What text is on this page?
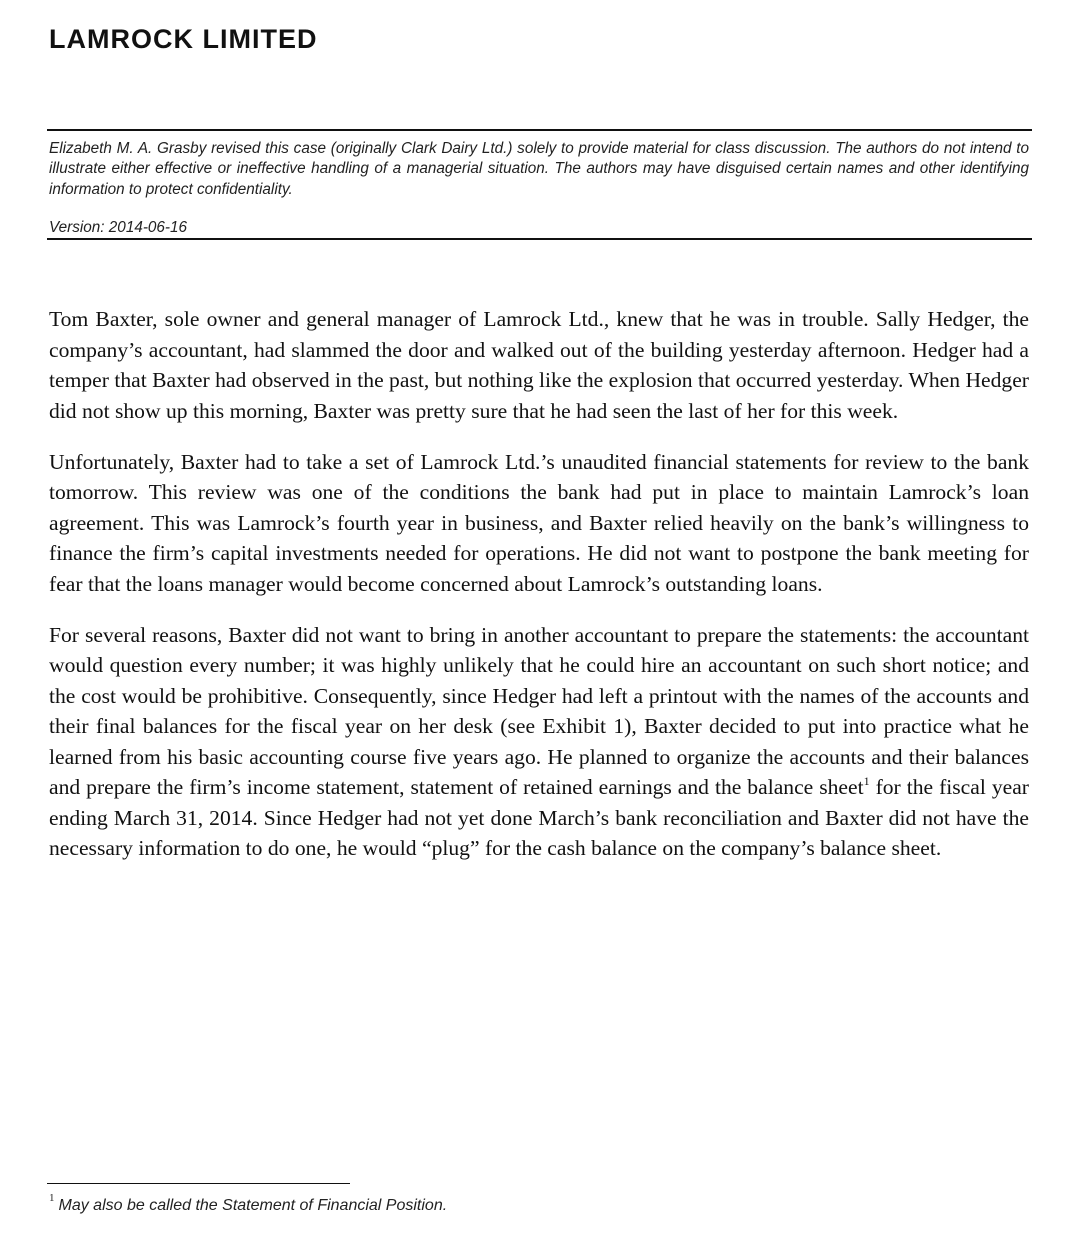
LAMROCK LIMITED

Elizabeth M. A. Grasby revised this case (originally Clark Dairy Ltd.) solely to provide material for class discussion. The authors do not intend to illustrate either effective or ineffective handling of a managerial situation. The authors may have disguised certain names and other identifying information to protect confidentiality.

Version: 2014-06-16

Tom Baxter, sole owner and general manager of Lamrock Ltd., knew that he was in trouble. Sally Hedger, the company’s accountant, had slammed the door and walked out of the building yesterday afternoon. Hedger had a temper that Baxter had observed in the past, but nothing like the explosion that occurred yesterday. When Hedger did not show up this morning, Baxter was pretty sure that he had seen the last of her for this week.

Unfortunately, Baxter had to take a set of Lamrock Ltd.’s unaudited financial statements for review to the bank tomorrow. This review was one of the conditions the bank had put in place to maintain Lamrock’s loan agreement. This was Lamrock’s fourth year in business, and Baxter relied heavily on the bank’s willingness to finance the firm’s capital investments needed for operations. He did not want to postpone the bank meeting for fear that the loans manager would become concerned about Lamrock’s outstanding loans.

For several reasons, Baxter did not want to bring in another accountant to prepare the statements: the accountant would question every number; it was highly unlikely that he could hire an accountant on such short notice; and the cost would be prohibitive. Consequently, since Hedger had left a printout with the names of the accounts and their final balances for the fiscal year on her desk (see Exhibit 1), Baxter decided to put into practice what he learned from his basic accounting course five years ago. He planned to organize the accounts and their balances and prepare the firm’s income statement, statement of retained earnings and the balance sheet$^1$ for the fiscal year ending March 31, 2014. Since Hedger had not yet done March’s bank reconciliation and Baxter did not have the necessary information to do one, he would “plug” for the cash balance on the company’s balance sheet.

$^1$ May also be called the Statement of Financial Position.
